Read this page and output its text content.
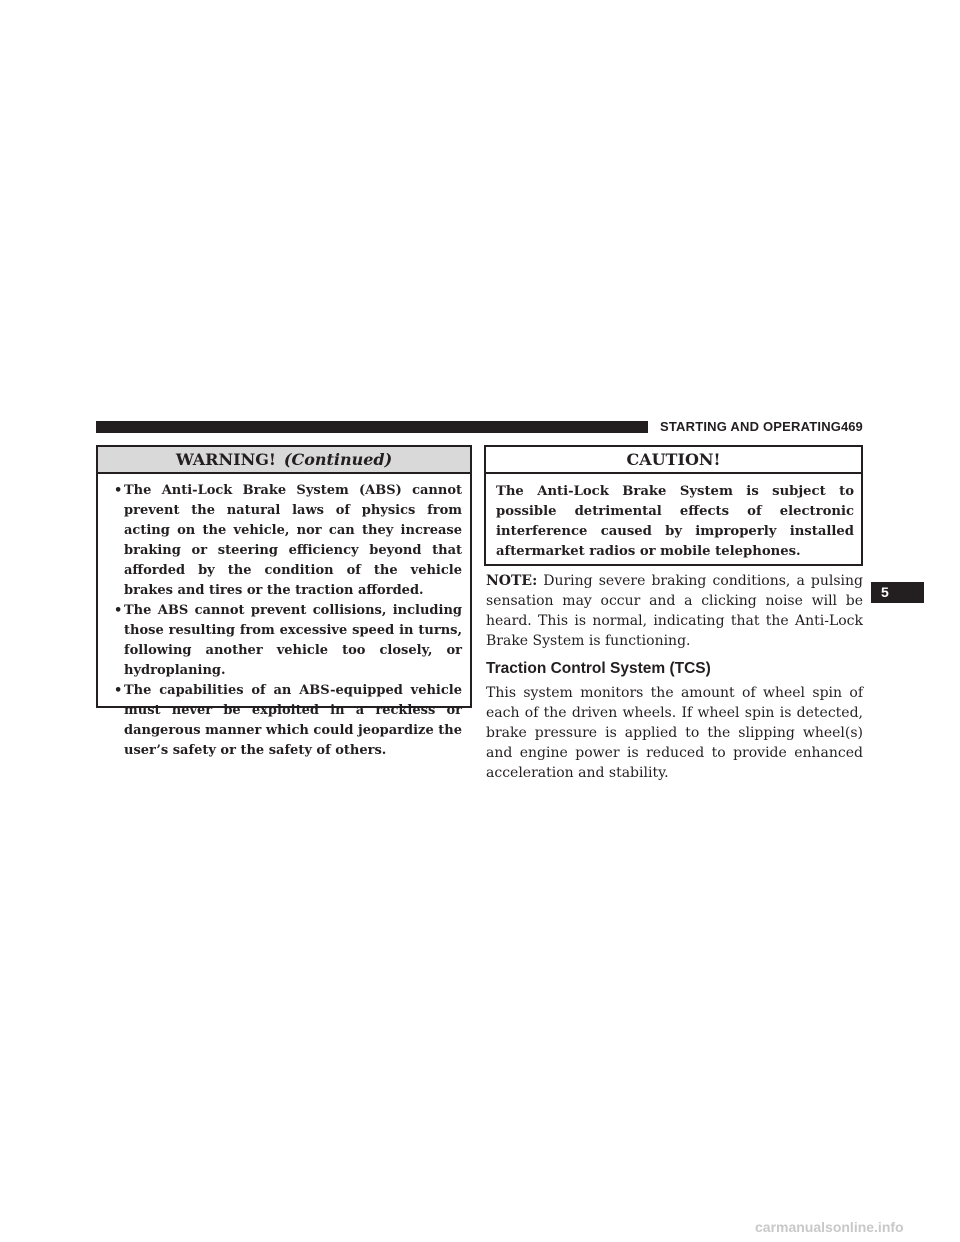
STARTING AND OPERATING 469
WARNING! (Continued)
• The Anti-Lock Brake System (ABS) cannot prevent the natural laws of physics from acting on the vehicle, nor can they increase braking or steering efficiency beyond that afforded by the condition of the vehicle brakes and tires or the traction afforded.
• The ABS cannot prevent collisions, including those resulting from excessive speed in turns, following another vehicle too closely, or hydroplaning.
• The capabilities of an ABS-equipped vehicle must never be exploited in a reckless or dangerous manner which could jeopardize the user’s safety or the safety of others.
CAUTION!
The Anti-Lock Brake System is subject to possible detrimental effects of electronic interference caused by improperly installed aftermarket radios or mobile telephones.
NOTE: During severe braking conditions, a pulsing sensation may occur and a clicking noise will be heard. This is normal, indicating that the Anti-Lock Brake System is functioning.
Traction Control System (TCS)
This system monitors the amount of wheel spin of each of the driven wheels. If wheel spin is detected, brake pressure is applied to the slipping wheel(s) and engine power is reduced to provide enhanced acceleration and stability.
5
carmanualsonline.info
